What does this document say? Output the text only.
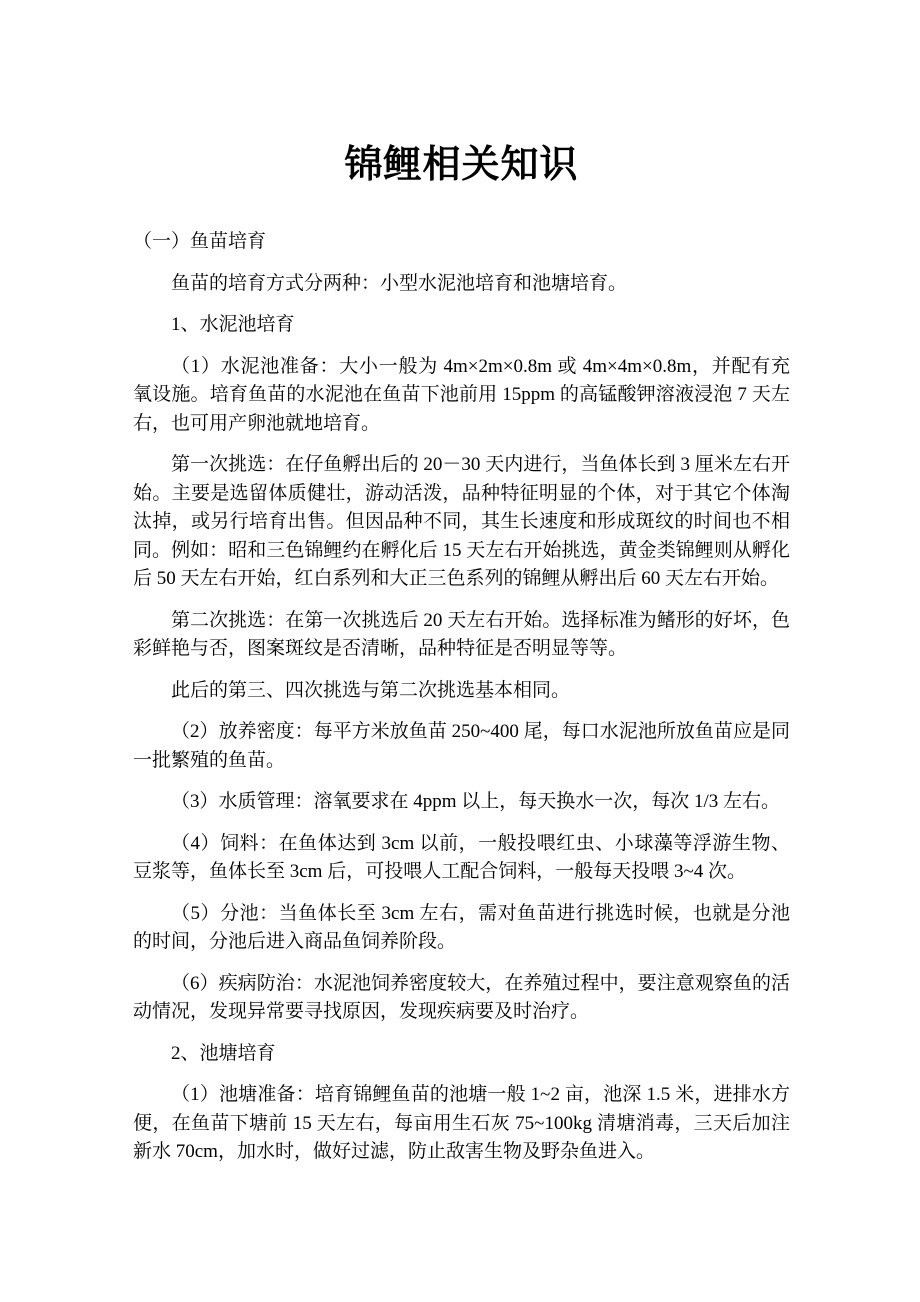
锦鲤相关知识

（一）鱼苗培育

鱼苗的培育方式分两种：小型水泥池培育和池塘培育。

1、水泥池培育

（1）水泥池准备：大小一般为 4m×2m×0.8m 或 4m×4m×0.8m，并配有充氧设施。培育鱼苗的水泥池在鱼苗下池前用 15ppm 的高锰酸钾溶液浸泡 7 天左右，也可用产卵池就地培育。

第一次挑选：在仔鱼孵出后的 20－30 天内进行，当鱼体长到 3 厘米左右开始。主要是选留体质健壮，游动活泼，品种特征明显的个体，对于其它个体淘汰掉，或另行培育出售。但因品种不同，其生长速度和形成斑纹的时间也不相同。例如：昭和三色锦鲤约在孵化后 15 天左右开始挑选，黄金类锦鲤则从孵化后 50 天左右开始，红白系列和大正三色系列的锦鲤从孵出后 60 天左右开始。

第二次挑选：在第一次挑选后 20 天左右开始。选择标准为鳍形的好坏，色彩鲜艳与否，图案斑纹是否清晰，品种特征是否明显等等。

此后的第三、四次挑选与第二次挑选基本相同。

（2）放养密度：每平方米放鱼苗 250~400 尾，每口水泥池所放鱼苗应是同一批繁殖的鱼苗。

（3）水质管理：溶氧要求在 4ppm 以上，每天换水一次，每次 1/3 左右。

（4）饲料：在鱼体达到 3cm 以前，一般投喂红虫、小球藻等浮游生物、豆浆等，鱼体长至 3cm 后，可投喂人工配合饲料，一般每天投喂 3~4 次。

（5）分池：当鱼体长至 3cm 左右，需对鱼苗进行挑选时候，也就是分池的时间，分池后进入商品鱼饲养阶段。

（6）疾病防治：水泥池饲养密度较大，在养殖过程中，要注意观察鱼的活动情况，发现异常要寻找原因，发现疾病要及时治疗。

2、池塘培育

（1）池塘准备：培育锦鲤鱼苗的池塘一般 1~2 亩，池深 1.5 米，进排水方便，在鱼苗下塘前 15 天左右，每亩用生石灰 75~100kg 清塘消毒，三天后加注新水 70cm，加水时，做好过滤，防止敌害生物及野杂鱼进入。
